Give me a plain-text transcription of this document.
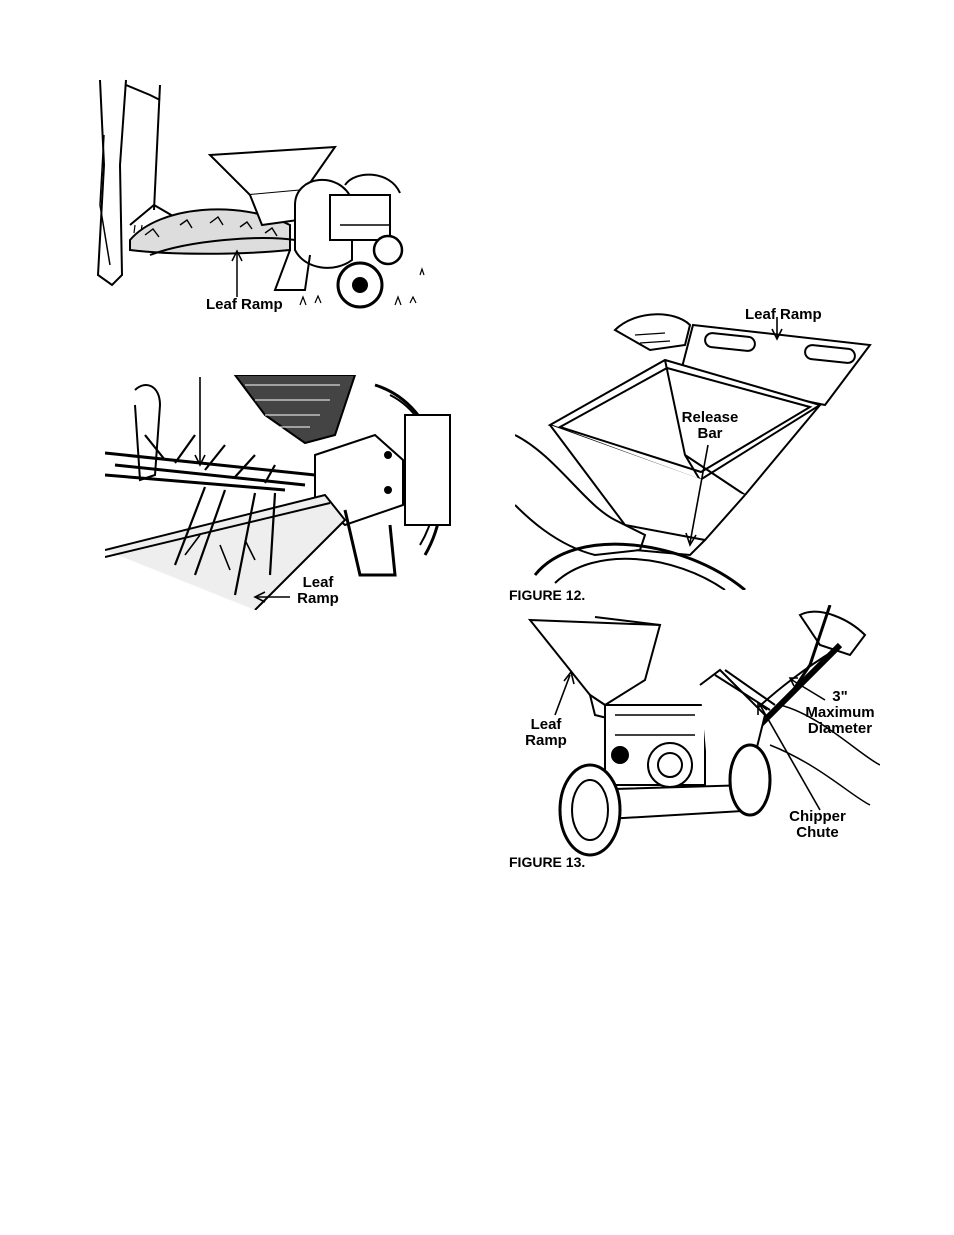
Leaf Ramp
Leaf
Ramp
Leaf Ramp
Release
Bar
FIGURE 12.
Leaf
Ramp
3"
Maximum
Diameter
Chipper
Chute
FIGURE 13.
